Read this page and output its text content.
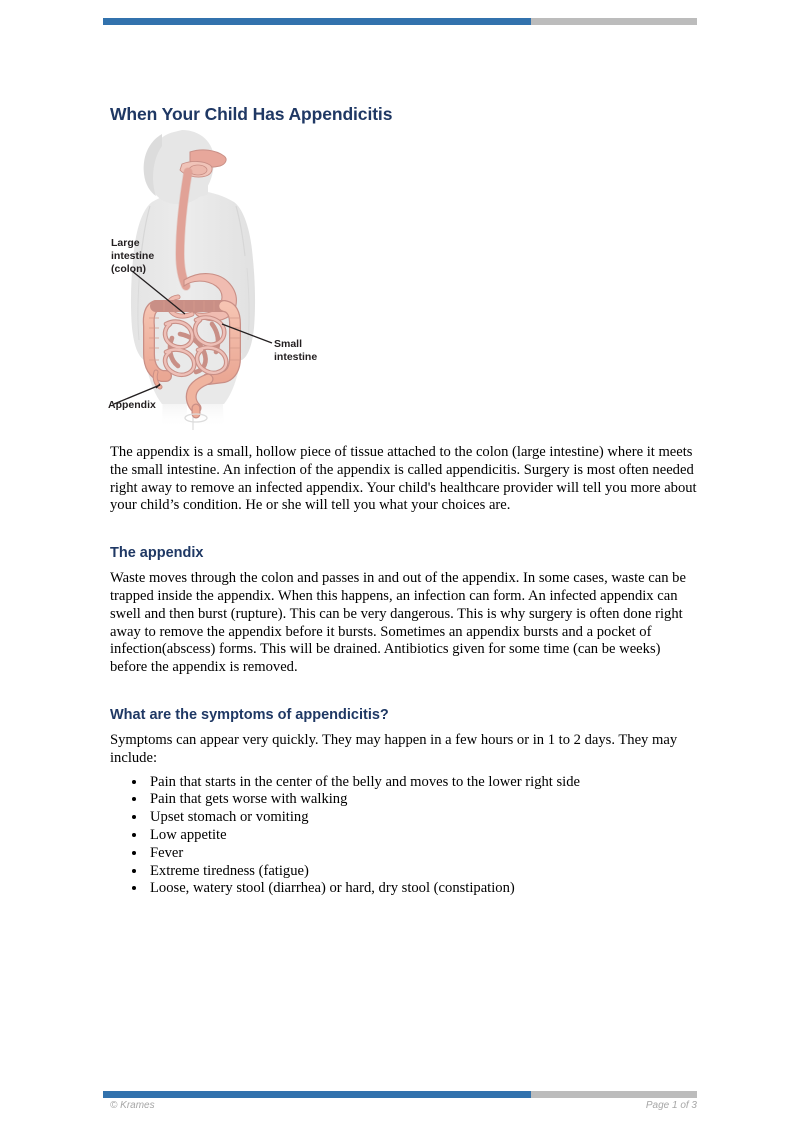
When Your Child Has Appendicitis
Large intestine (colon)
Small intestine
Appendix

The appendix is a small, hollow piece of tissue attached to the colon (large intestine) where it meets the small intestine. An infection of the appendix is called appendicitis. Surgery is most often needed right away to remove an infected appendix. Your child's healthcare provider will tell you more about your child’s condition. He or she will tell you what your choices are.

The appendix

Waste moves through the colon and passes in and out of the appendix. In some cases, waste can be trapped inside the appendix. When this happens, an infection can form. An infected appendix can swell and then burst (rupture). This can be very dangerous. This is why surgery is often done right away to remove the appendix before it bursts. Sometimes an appendix bursts and a pocket of infection(abscess) forms. This will be drained. Antibiotics given for some time (can be weeks) before the appendix is removed.

What are the symptoms of appendicitis?

Symptoms can appear very quickly. They may happen in a few hours or in 1 to 2 days. They may include:

• Pain that starts in the center of the belly and moves to the lower right side
• Pain that gets worse with walking
• Upset stomach or vomiting
• Low appetite
• Fever
• Extreme tiredness (fatigue)
• Loose, watery stool (diarrhea) or hard, dry stool (constipation)
© Krames	Page 1 of 3
